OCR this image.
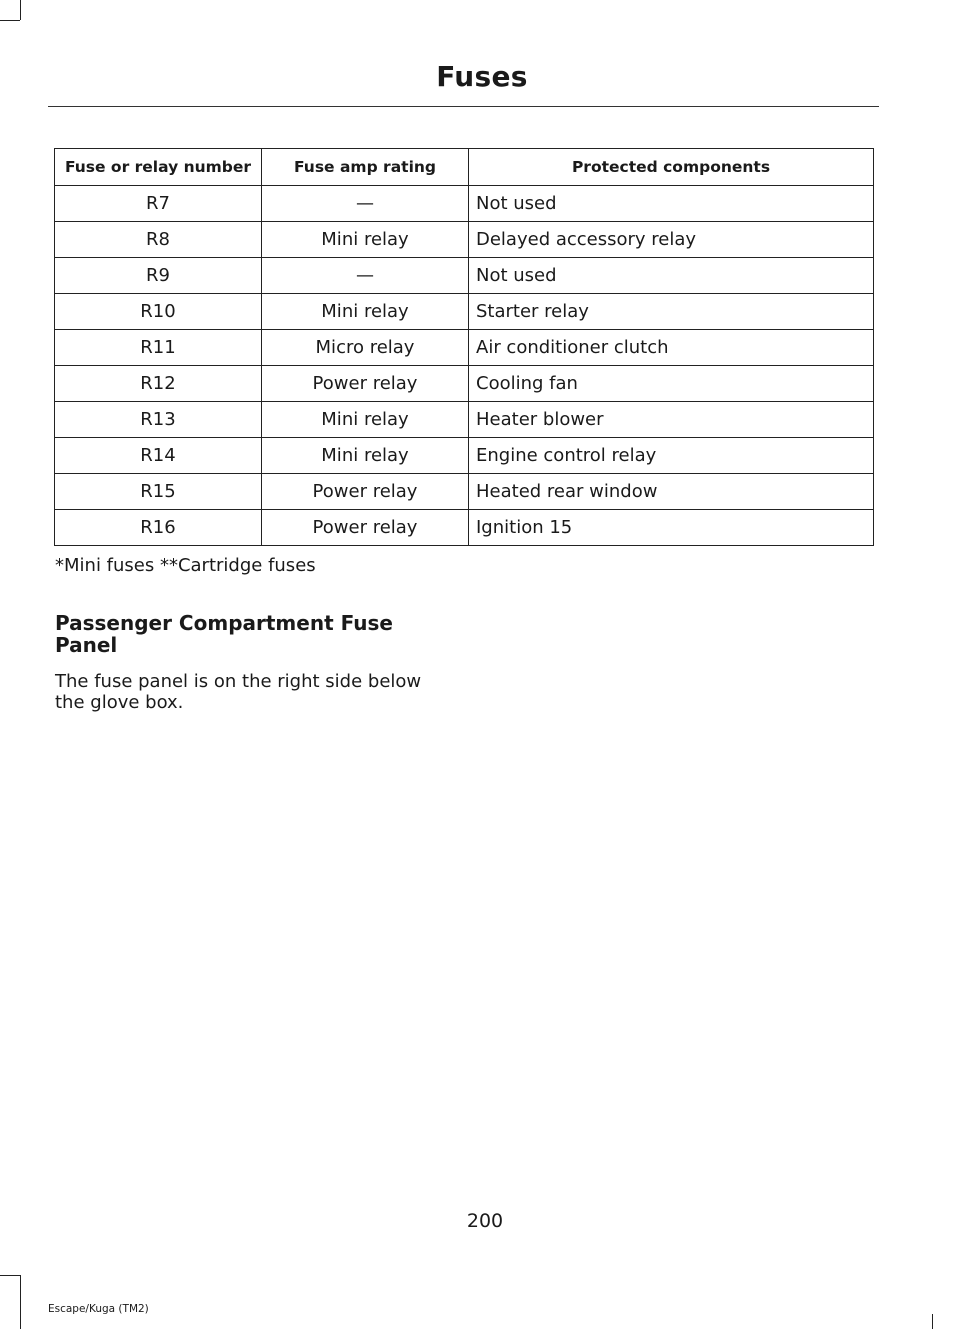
Fuses
Fuse or relay number	Fuse amp rating	Protected components
R7	—	Not used
R8	Mini relay	Delayed accessory relay
R9	—	Not used
R10	Mini relay	Starter relay
R11	Micro relay	Air conditioner clutch
R12	Power relay	Cooling fan
R13	Mini relay	Heater blower
R14	Mini relay	Engine control relay
R15	Power relay	Heated rear window
R16	Power relay	Ignition 15
*Mini fuses **Cartridge fuses
Passenger Compartment Fuse Panel
The fuse panel is on the right side below the glove box.
200
Escape/Kuga (TM2)
